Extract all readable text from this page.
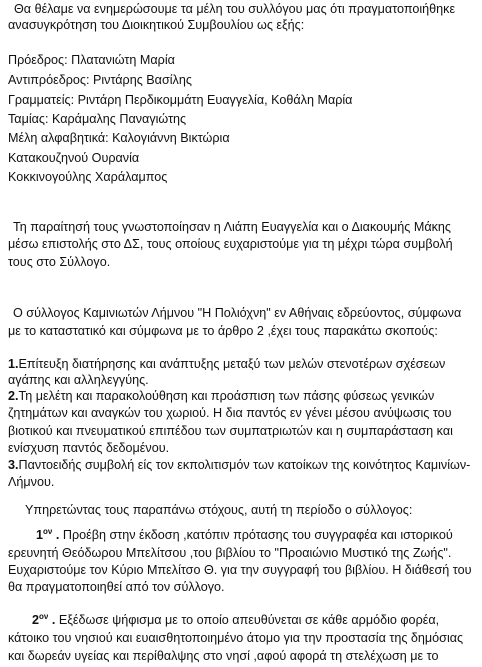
Θα θέλαμε να ενημερώσουμε τα μέλη του συλλόγου μας ότι πραγματοποιήθηκε
ανασυγκρότηση του Διοικητικού Συμβουλίου ως εξής:
Πρόεδρος: Πλατανιώτη Μαρία
Αντιπρόεδρος: Ριντάρης Βασίλης
Γραμματείς: Ριντάρη Περδικομμάτη Ευαγγελία, Κοθάλη Μαρία
Ταμίας: Καράμαλης Παναγιώτης
Μέλη αλφαβητικά: Καλογιάννη Βικτώρια
Κατακουζηνού Ουρανία
Κοκκινογούλης Χαράλαμπος
Τη παραίτησή τους γνωστοποίησαν η Λιάπη Ευαγγελία και ο Διακουμής Μάκης
μέσω επιστολής στο ΔΣ, τους οποίους ευχαριστούμε για τη μέχρι τώρα συμβολή
τους στο Σύλλογο.
Ο σύλλογος Καμινιωτών Λήμνου "Η Πολιόχνη" εν Αθήναις εδρεύοντος, σύμφωνα
με το καταστατικό και σύμφωνα με το άρθρο 2 ,έχει τους παρακάτω σκοπούς:
1.Επίτευξη διατήρησης και ανάπτυξης μεταξύ των μελών στενοτέρων σχέσεων
αγάπης και αλληλεγγύης.
2.Τη μελέτη και παρακολούθηση και προάσπιση των πάσης φύσεως γενικών
ζητημάτων και αναγκών του χωριού. Η δια παντός εν γένει μέσου ανύψωσις του
βιοτικού και πνευματικού επιπέδου των συμπατριωτών και η συμπαράσταση και
ενίσχυση παντός δεδομένου.
3.Παντοειδής συμβολή είς τον εκπολιτισμόν των κατοίκων της κοινότητος Καμινίων-
Λήμνου.
Υπηρετώντας τους παραπάνω στόχους, αυτή τη περίοδο ο σύλλογος:
$1^{o\nu}$ . Προέβη στην έκδοση ,κατόπιν πρότασης του συγγραφέα και ιστορικού
ερευνητή Θεόδωρου Μπελίτσου ,του βιβλίου το "Προαιώνιο Μυστικό της Ζωής".
Ευχαριστούμε τον Κύριο Μπελίτσο Θ. για την συγγραφή του βιβλίου. Η διάθεσή του
θα πραγματοποιηθεί από τον σύλλογο.
$2^{o\nu}$ . Εξέδωσε ψήφισμα με το οποίο απευθύνεται σε κάθε αρμόδιο φορέα,
κάτοικο του νησιού και ευαισθητοποιημένο άτομο για την προστασία της δημόσιας
και δωρεάν υγείας και περίθαλψης στο νησί ,αφού αφορά τη στελέχωση με το
